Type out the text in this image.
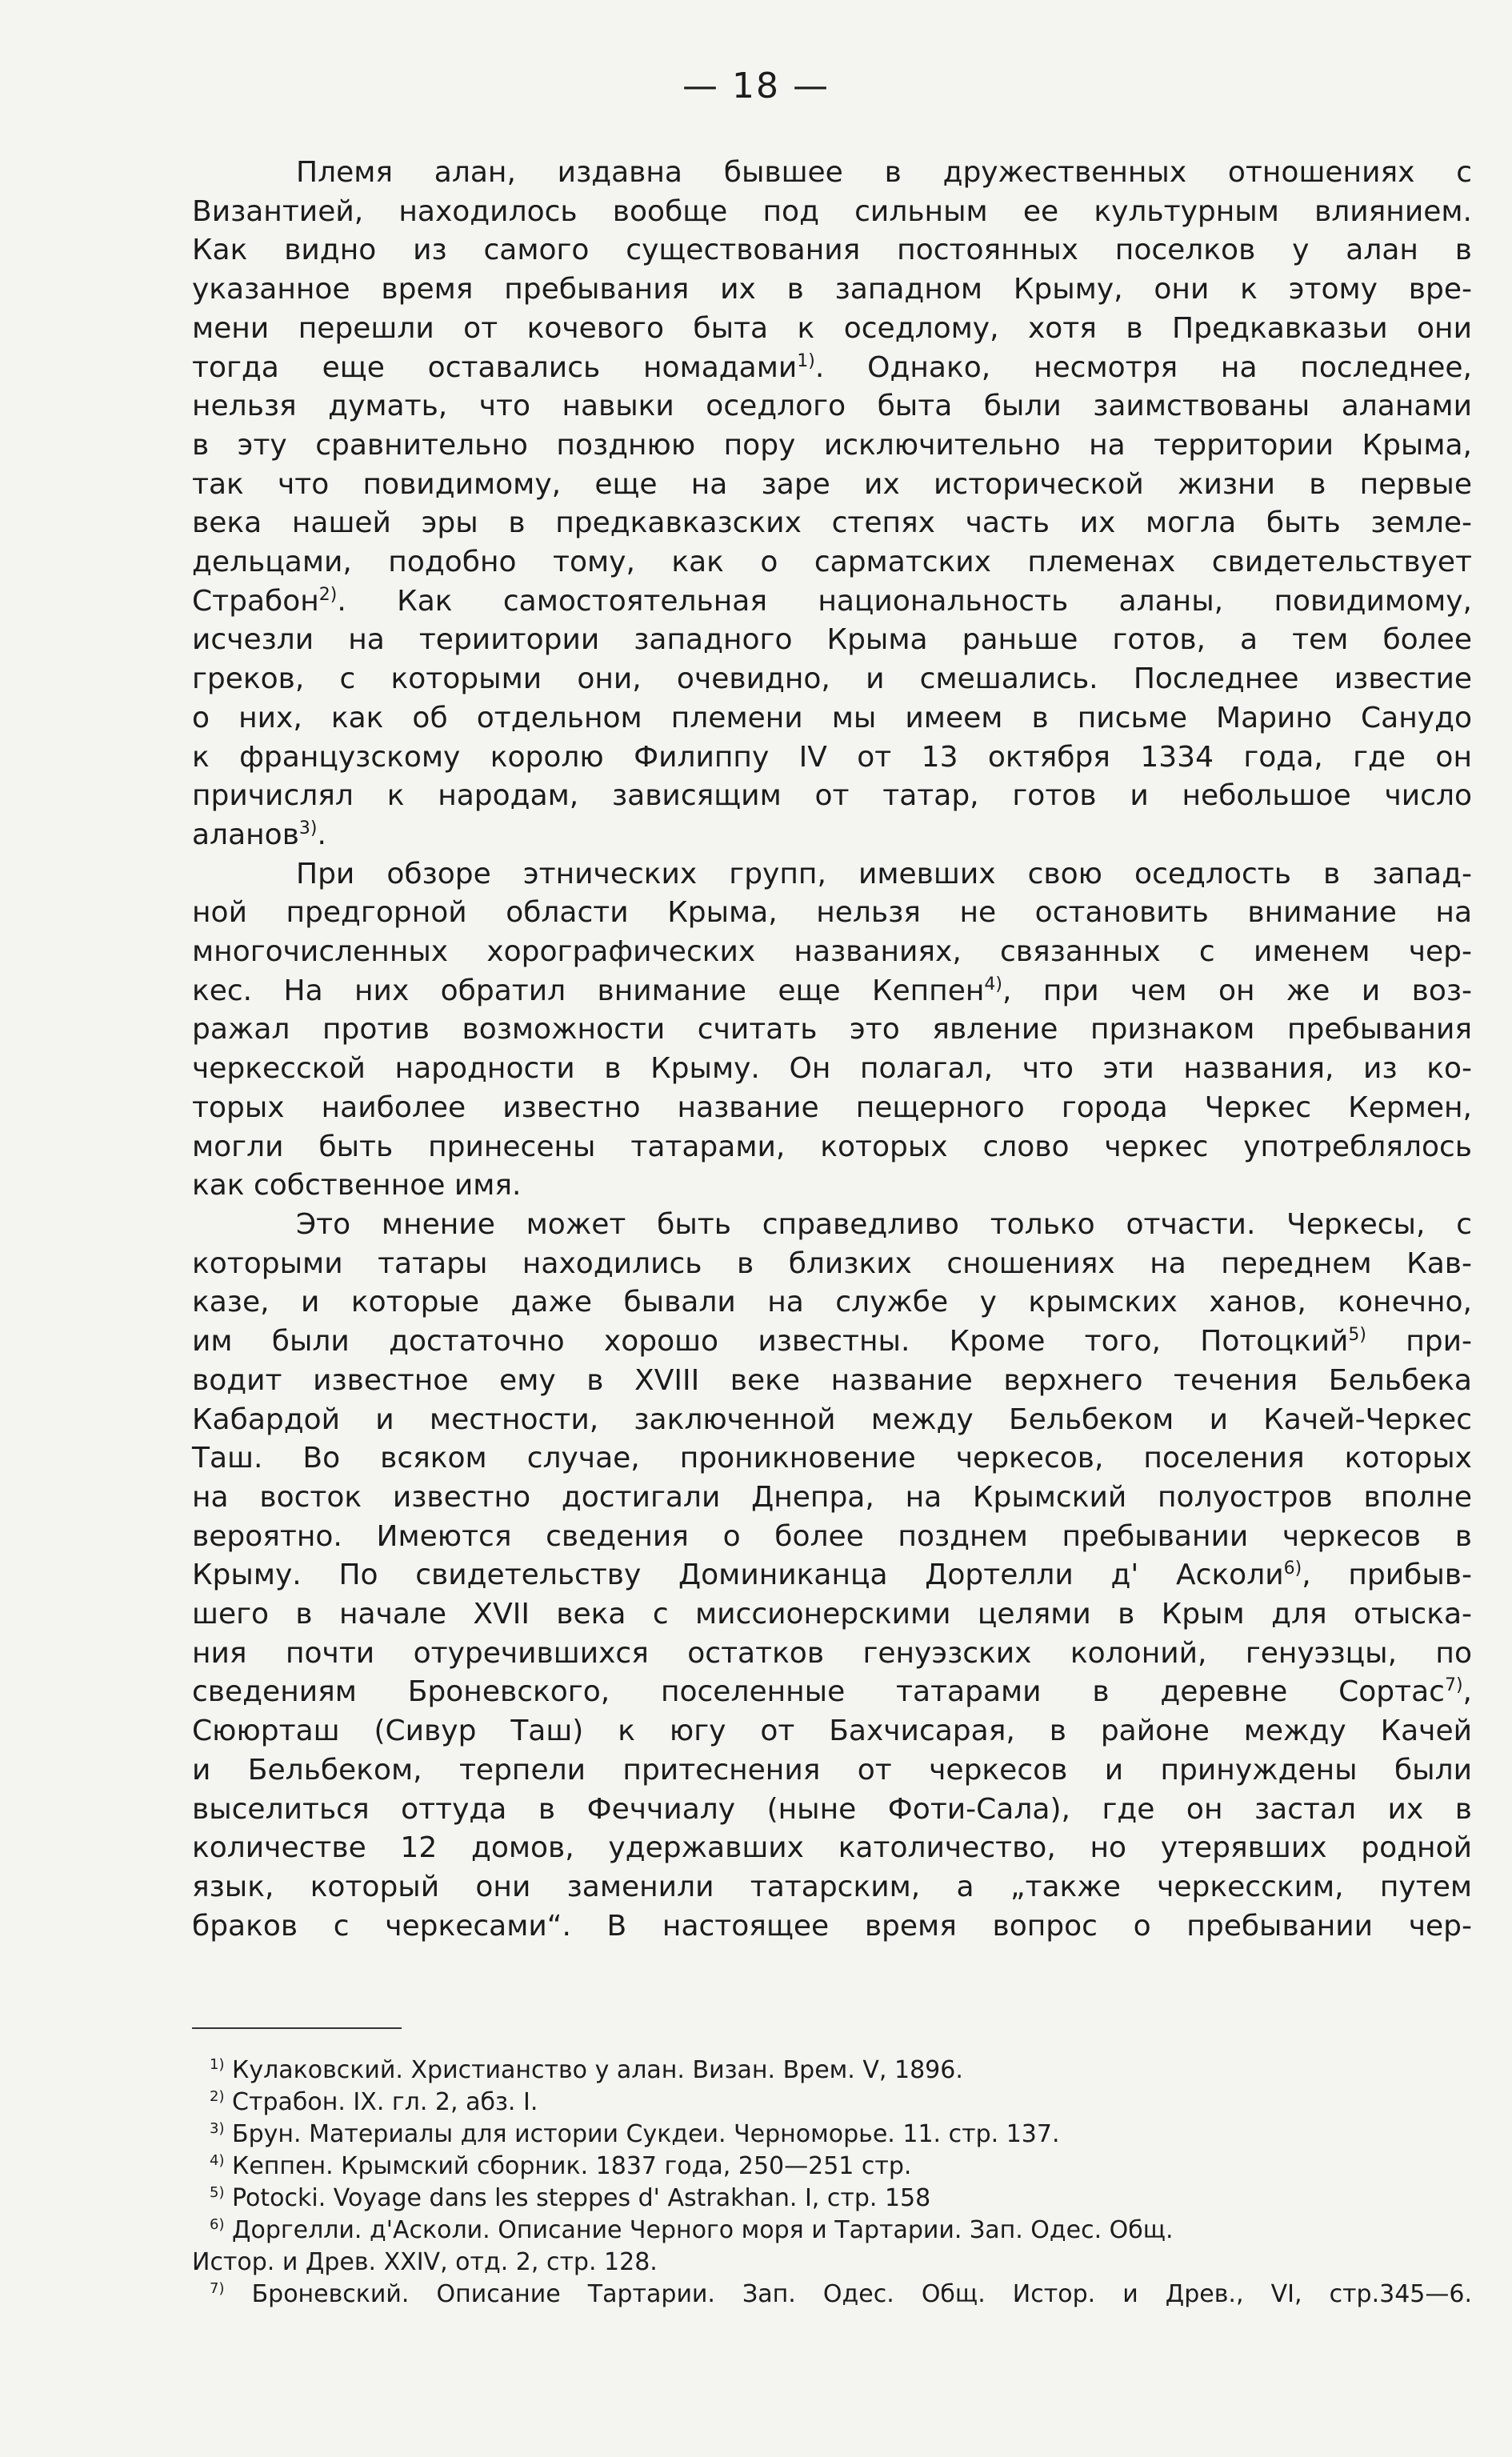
— 18 —
Племя алан, издавна бывшее в дружественных отношениях с
Византией, находилось вообще под сильным ее культурным влиянием.
Как видно из самого существования постоянных поселков у алан в
указанное время пребывания их в западном Крыму, они к этому вре-
мени перешли от кочевого быта к оседлому, хотя в Предкавказьи они
тогда еще оставались номадами$^{1)}$. Однако, несмотря на последнее,
нельзя думать, что навыки оседлого быта были заимствованы аланами
в эту сравнительно позднюю пору исключительно на территории Крыма,
так что повидимому, еще на заре их исторической жизни в первые
века нашей эры в предкавказских степях часть их могла быть земле-
дельцами, подобно тому, как о сарматских племенах свидетельствует
Страбон$^{2)}$. Как самостоятельная национальность аланы, повидимому,
исчезли на териитории западного Крыма раньше готов, а тем более
греков, с которыми они, очевидно, и смешались. Последнее известие
о них, как об отдельном племени мы имеем в письме Марино Санудо
к французскому королю Филиппу IV от 13 октября 1334 года, где он
причислял к народам, зависящим от татар, готов и небольшое число
аланов$^{3)}$.
При обзоре этнических групп, имевших свою оседлость в запад-
ной предгорной области Крыма, нельзя не остановить внимание на
многочисленных хорографических названиях, связанных с именем чер-
кес. На них обратил внимание еще Кеппен$^{4)}$, при чем он же и воз-
ражал против возможности считать это явление признаком пребывания
черкесской народности в Крыму. Он полагал, что эти названия, из ко-
торых наиболее известно название пещерного города Черкес Кермен,
могли быть принесены татарами, которых слово черкес употреблялось
как собственное имя.
Это мнение может быть справедливо только отчасти. Черкесы, с
которыми татары находились в близких сношениях на переднем Кав-
казе, и которые даже бывали на службе у крымских ханов, конечно,
им были достаточно хорошо известны. Кроме того, Потоцкий$^{5)}$ при-
водит известное ему в XVIII веке название верхнего течения Бельбека
Кабардой и местности, заключенной между Бельбеком и Качей-Черкес
Таш. Во всяком случае, проникновение черкесов, поселения которых
на восток известно достигали Днепра, на Крымский полуостров вполне
вероятно. Имеются сведения о более позднем пребывании черкесов в
Крыму. По свидетельству Доминиканца Дортелли д' Асколи$^{6)}$, прибыв-
шего в начале XVII века с миссионерскими целями в Крым для отыска-
ния почти отуречившихся остатков генуэзских колоний, генуэзцы, по
сведениям Броневского, поселенные татарами в деревне Сортас$^{7)}$,
Сююрташ (Сивур Таш) к югу от Бахчисарая, в районе между Качей
и Бельбеком, терпели притеснения от черкесов и принуждены были
выселиться оттуда в Феччиалу (ныне Фоти-Сала), где он застал их в
количестве 12 домов, удержавших католичество, но утерявших родной
язык, который они заменили татарским, а „также черкесским, путем
браков с черкесами“. В настоящее время вопрос о пребывании чер-
$^{1)}$ Кулаковский. Христианство у алан. Визан. Врем. V, 1896.
$^{2)}$ Страбон. IX. гл. 2, абз. I.
$^{3)}$ Брун. Материалы для истории Сукдеи. Черноморье. 11. стр. 137.
$^{4)}$ Кеппен. Крымский сборник. 1837 года, 250—251 стр.
$^{5)}$ Potocki. Voyage dans les steppes d' Astrakhan. I, стр. 158
$^{6)}$ Доргелли. д'Асколи. Описание Черного моря и Тартарии. Зап. Одес. Общ.
Истор. и Древ. XXIV, отд. 2, стр. 128.
$^{7)}$ Броневский. Описание Тартарии. Зап. Одес. Общ. Истор. и Древ., VI, стр.345—6.
